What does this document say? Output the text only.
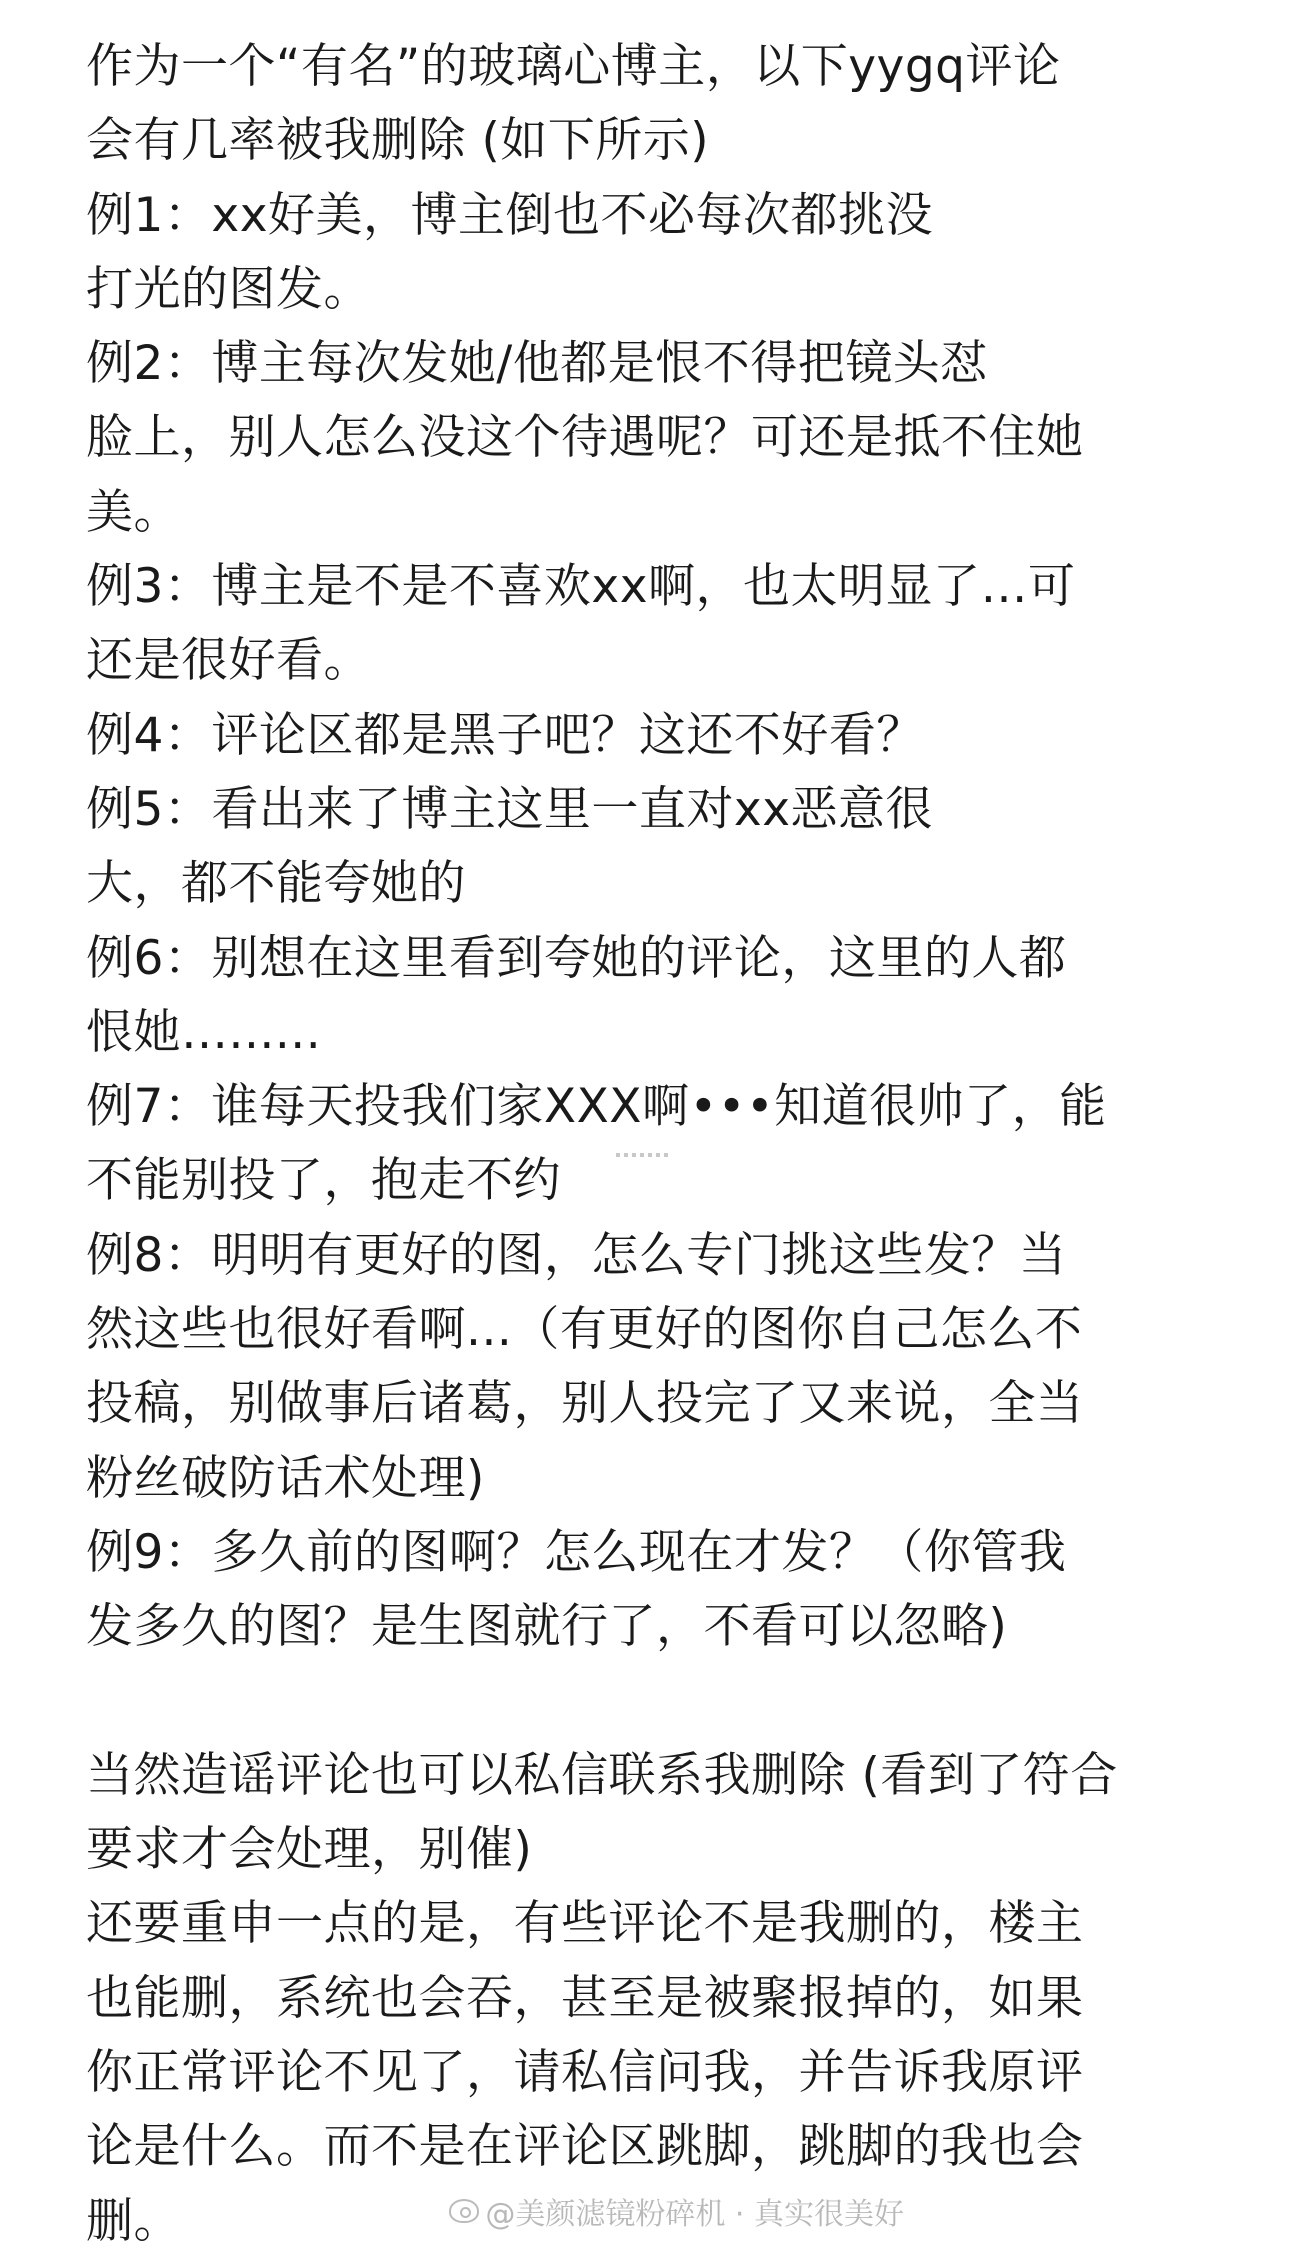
作为一个“有名”的玻璃心博主，以下yygq评论
会有几率被我删除 (如下所示)
例1：xx好美，博主倒也不必每次都挑没
打光的图发。
例2：博主每次发她/他都是恨不得把镜头怼
脸上，别人怎么没这个待遇呢？可还是抵不住她
美。
例3：博主是不是不喜欢xx啊，也太明显了…可
还是很好看。
例4：评论区都是黑子吧？这还不好看？
例5：看出来了博主这里一直对xx恶意很
大，都不能夸她的
例6：别想在这里看到夸她的评论，这里的人都
恨她…......
例7：谁每天投我们家XXX啊•••知道很帅了，能
不能别投了，抱走不约
例8：明明有更好的图，怎么专门挑这些发？当
然这些也很好看啊...（有更好的图你自己怎么不
投稿，别做事后诸葛，别人投完了又来说，全当
粉丝破防话术处理)
例9：多久前的图啊？怎么现在才发？（你管我
发多久的图？是生图就行了，不看可以忽略)
当然造谣评论也可以私信联系我删除 (看到了符合
要求才会处理，别催)
还要重申一点的是，有些评论不是我删的，楼主
也能删，系统也会吞，甚至是被聚报掉的，如果
你正常评论不见了，请私信问我，并告诉我原评
论是什么。而不是在评论区跳脚，跳脚的我也会
删。	@美颜滤镜粉碎机 · 真实很美好
